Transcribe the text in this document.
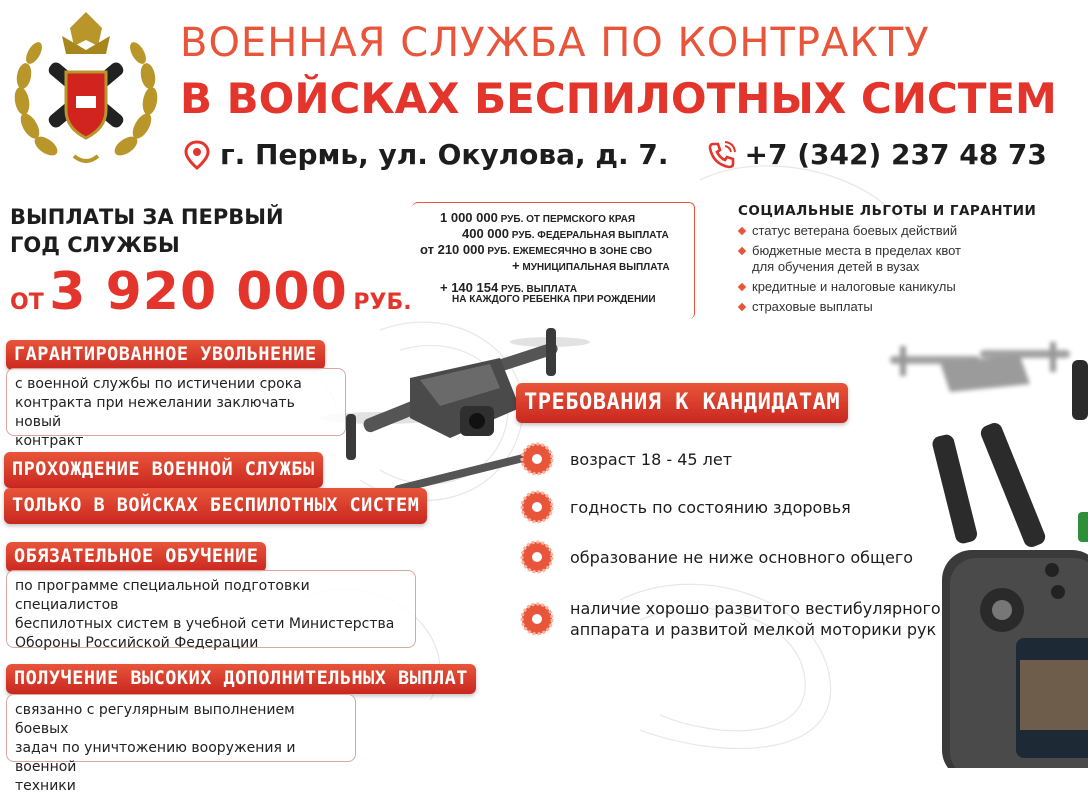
ВОЕННАЯ СЛУЖБА ПО КОНТРАКТУ
В ВОЙСКАХ БЕСПИЛОТНЫХ СИСТЕМ
г. Пермь, ул. Окулова, д. 7.	+7 (342) 237 48 73
ВЫПЛАТЫ ЗА ПЕРВЫЙ
ГОД СЛУЖБЫ
ОТ 3 920 000 РУБ.
1 000 000 РУБ. ОТ ПЕРМСКОГО КРАЯ
400 000 РУБ. ФЕДЕРАЛЬНАЯ ВЫПЛАТА
от 210 000 РУБ. ЕЖЕМЕСЯЧНО В ЗОНЕ СВО
+ МУНИЦИПАЛЬНАЯ ВЫПЛАТА
+ 140 154 РУБ. ВЫПЛАТА
НА КАЖДОГО РЕБЕНКА ПРИ РОЖДЕНИИ
СОЦИАЛЬНЫЕ ЛЬГОТЫ И ГАРАНТИИ
статус ветерана боевых действий
бюджетные места в пределах квот
для обучения детей в вузах
кредитные и налоговые каникулы
страховые выплаты
ГАРАНТИРОВАННОЕ УВОЛЬНЕНИЕ
с военной службы по истичении срока
контракта при нежелании заключать новый
контракт
ПРОХОЖДЕНИЕ ВОЕННОЙ СЛУЖБЫ
ТОЛЬКО В ВОЙСКАХ БЕСПИЛОТНЫХ СИСТЕМ
ОБЯЗАТЕЛЬНОЕ ОБУЧЕНИЕ
по программе специальной подготовки специалистов
беспилотных систем в учебной сети Министерства
Обороны Российской Федерации
ПОЛУЧЕНИЕ ВЫСОКИХ ДОПОЛНИТЕЛЬНЫХ ВЫПЛАТ
связанно с регулярным выполнением боевых
задач по уничтожению вооружения и военной
техники
ТРЕБОВАНИЯ К КАНДИДАТАМ
возраст 18 - 45 лет
годность по состоянию здоровья
образование не ниже основного общего
наличие хорошо развитого вестибулярного
аппарата и развитой мелкой моторики рук
